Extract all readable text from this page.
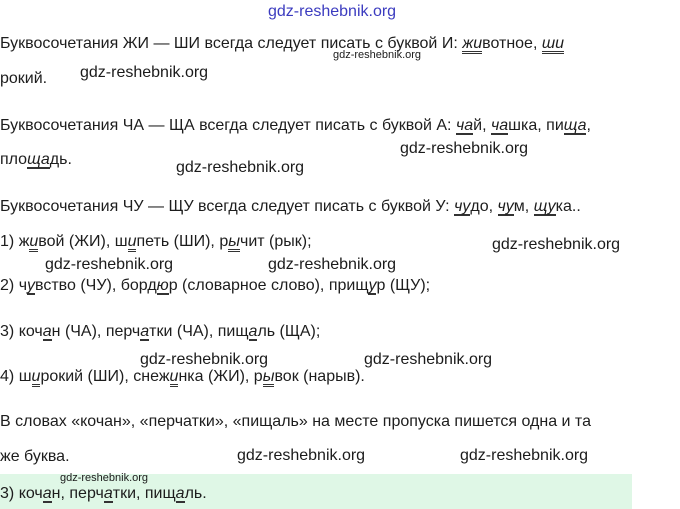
gdz-reshebnik.org
gdz-reshebnik.org
gdz-reshebnik.org
gdz-reshebnik.org
gdz-reshebnik.org
gdz-reshebnik.org
gdz-reshebnik.org	gdz-reshebnik.org
gdz-reshebnik.org	gdz-reshebnik.org
Буквосочетания ЖИ — ШИ всегда следует писать с буквой И: животное, ши
рокий.
Буквосочетания ЧА — ЩА всегда следует писать с буквой А: чай, чашка, пища,
площадь.
Буквосочетания ЧУ — ЩУ всегда следует писать с буквой У: чудо, чум, щука..
1) живой (ЖИ), шипеть (ШИ), рычит (рык);
2) чувство (ЧУ), бордюр (словарное слово), прищур (ЩУ);
3) кочан (ЧА), перчатки (ЧА), пищаль (ЩА);
4) широкий (ШИ), снежинка (ЖИ), рывок (нарыв).
В словах «кочан», «перчатки», «пищаль» на месте пропуска пишется одна и та
же буква.	gdz-reshebnik.org	gdz-reshebnik.org
gdz-reshebnik.org
3) кочан, перчатки, пищаль.
